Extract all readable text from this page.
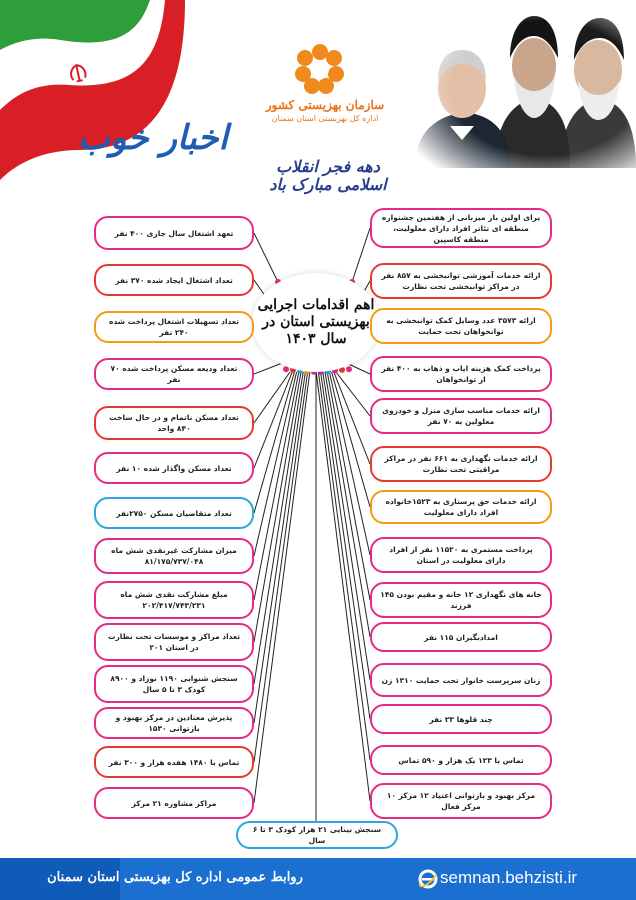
اخبار خوب
سازمان بهزیستی کشور
اداره کل بهزیستی استان سمنان
دهه فجر انقلاب اسلامی مبارک باد
اهم اقدامات اجرایی بهزیستی استان در سال ۱۴۰۳
تعهد اشتغال سال جاری ۴۰۰ نفر
تعداد اشتغال ایجاد شده ۳۷۰ نفر
تعداد تسهیلات اشتغال پرداخت شده ۲۴۰ نفر
تعداد ودیعه مسکن پرداخت شده ۷۰ نفر
تعداد مسکن ناتمام و در حال ساخت ۸۴۰ واحد
تعداد مسکن واگذار شده ۱۰ نفر
تعداد متقاضیان مسکن ۲۷۵۰نفر
میزان مشارکت غیرنقدی شش ماه ۸۱/۱۷۵/۷۳۷/۰۴۸
مبلغ مشارکت نقدی شش ماه ۲۰۲/۴۱۷/۷۴۳/۲۳۱
تعداد مراکز و موسسات تحت نظارت در استان ۲۰۱
سنجش شنوایی ۱۱۹۰ نوزاد و ۸۹۰۰ کودک ۳ تا ۵ سال
پذیرش معتادین در مرکز بهبود و بازتوانی ۱۵۳۰
تماس با ۱۴۸۰ هفده هزار و ۳۰۰ نفر
مراکز مشاوره ۲۱ مرکز
برای اولین بار میزبانی از هفتمین جشنواره منطقه ای تئاتر افراد دارای معلولیت، منطقه کاسپین
ارائه خدمات آموزشی توانبخشی به ۸۵۷ نفر در مراکز توانبخشی تحت نظارت
ارائه ۳۵۷۳ عدد وسایل کمک توانبخشی به توانخواهان تحت حمایت
پرداخت کمک هزینه ایاب و ذهاب به ۴۰۰ نفر از توانخواهان
ارائه خدمات مناسب سازی منزل و خودروی معلولین به ۷۰ نفر
ارائه خدمات نگهداری به ۶۶۱ نفر در مراکز مراقبتی تحت نظارت
ارائه خدمات حق پرستاری به ۱۵۲۳خانواده افراد دارای معلولیت
پرداخت مستمری به ۱۱۵۲۰ نفر از افراد دارای معلولیت در استان
خانه های نگهداری ۱۲ خانه و مقیم بودن ۱۴۵ فرزند
امدادبگیران ۱۱۵ نفر
زنان سرپرست خانوار تحت حمایت ۱۳۱۰ زن
چند قلوها ۲۳ نفر
تماس با ۱۲۳ یک هزار و ۵۹۰ تماس
مرکز بهبود و بازتوانی اعتیاد ۱۲ مرکز ۱۰ مرکز فعال
سنجش بینایی ۲۱ هزار کودک ۳ تا ۶ سال
روابط عمومی اداره کل بهزیستی استان سمنان	semnan.behzisti.ir
